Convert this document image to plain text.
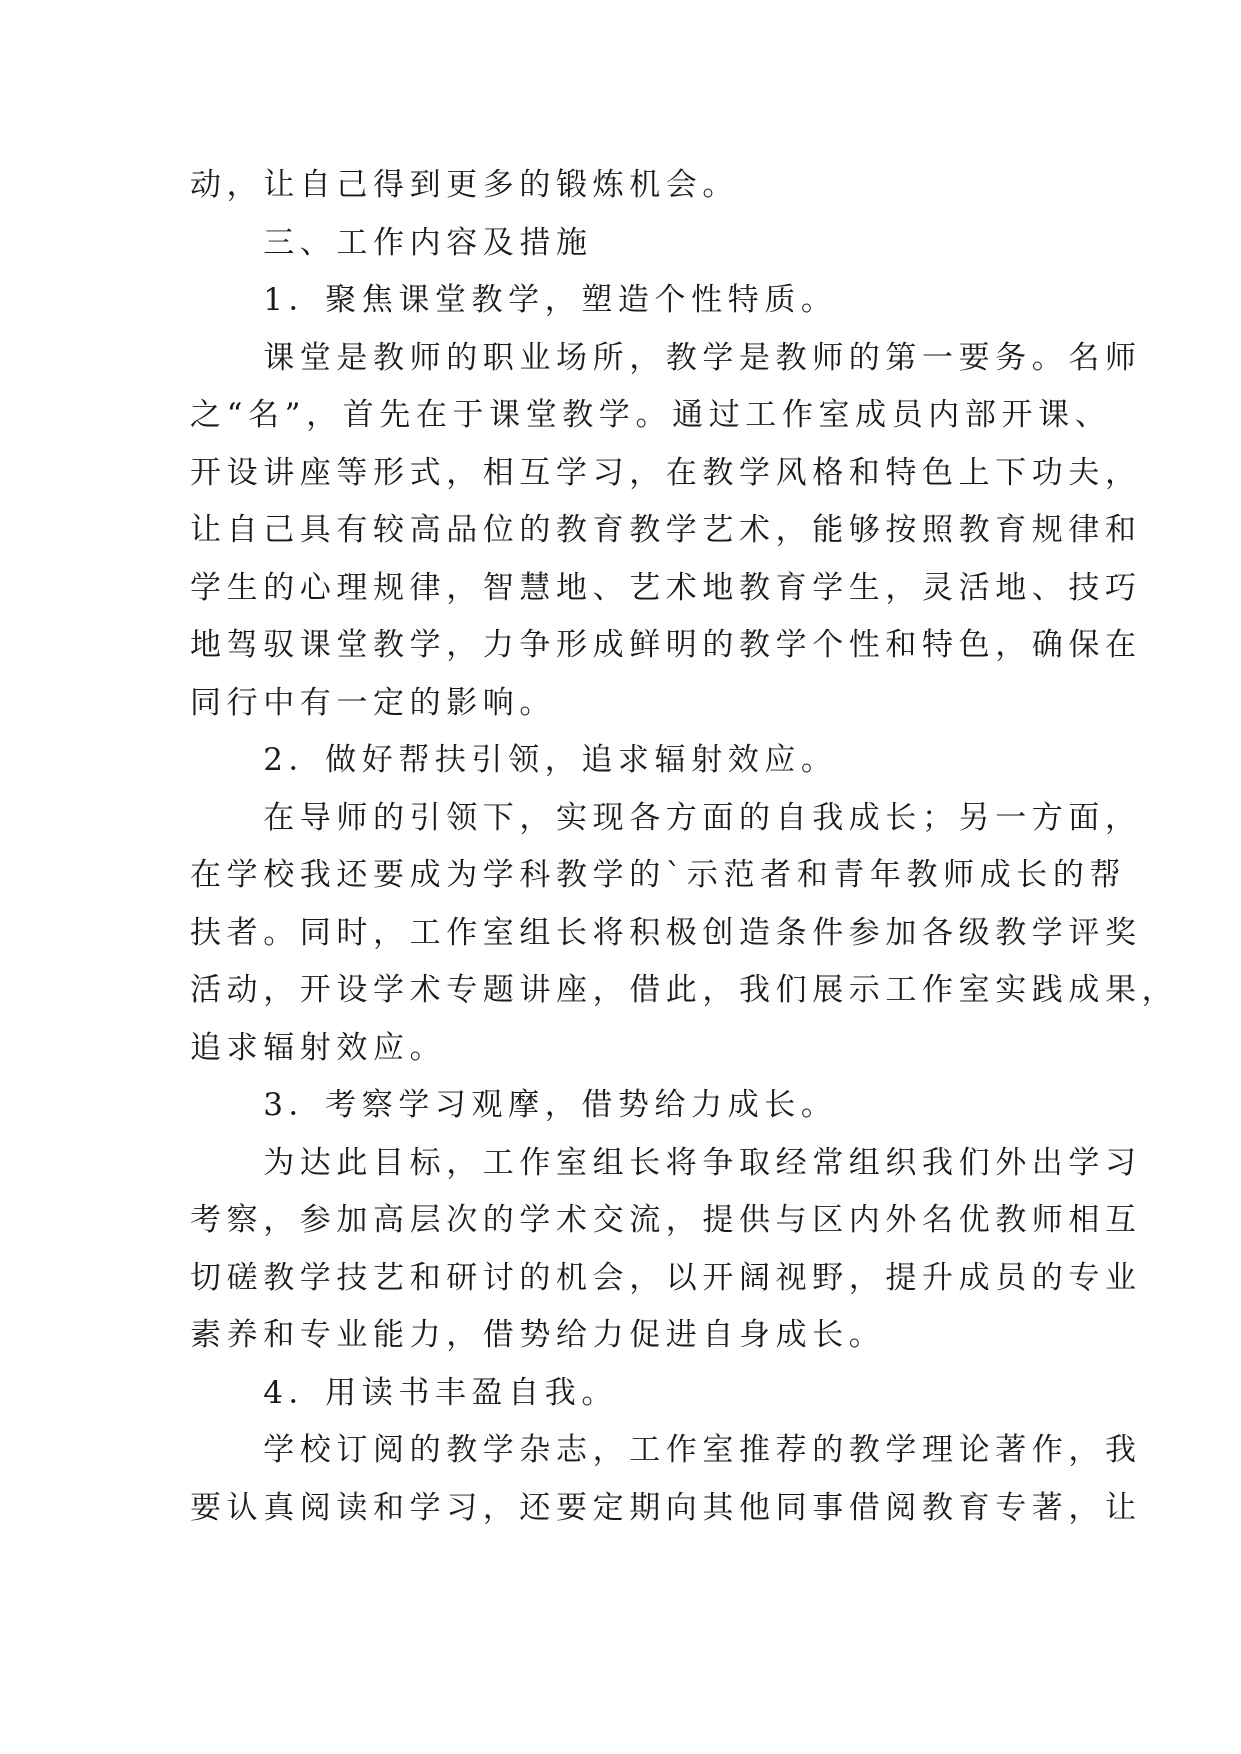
动，让自己得到更多的锻炼机会。
　　三、工作内容及措施
　　1．聚焦课堂教学，塑造个性特质。
　　课堂是教师的职业场所，教学是教师的第一要务。名师
之“名”，首先在于课堂教学。通过工作室成员内部开课、
开设讲座等形式，相互学习，在教学风格和特色上下功夫，
让自己具有较高品位的教育教学艺术，能够按照教育规律和
学生的心理规律，智慧地、艺术地教育学生，灵活地、技巧
地驾驭课堂教学，力争形成鲜明的教学个性和特色，确保在
同行中有一定的影响。
　　2．做好帮扶引领，追求辐射效应。
　　在导师的引领下，实现各方面的自我成长；另一方面，
在学校我还要成为学科教学的`示范者和青年教师成长的帮
扶者。同时，工作室组长将积极创造条件参加各级教学评奖
活动，开设学术专题讲座，借此，我们展示工作室实践成果，
追求辐射效应。
　　3．考察学习观摩，借势给力成长。
　　为达此目标，工作室组长将争取经常组织我们外出学习
考察，参加高层次的学术交流，提供与区内外名优教师相互
切磋教学技艺和研讨的机会，以开阔视野，提升成员的专业
素养和专业能力，借势给力促进自身成长。
　　4．用读书丰盈自我。
　　学校订阅的教学杂志，工作室推荐的教学理论著作，我
要认真阅读和学习，还要定期向其他同事借阅教育专著，让
